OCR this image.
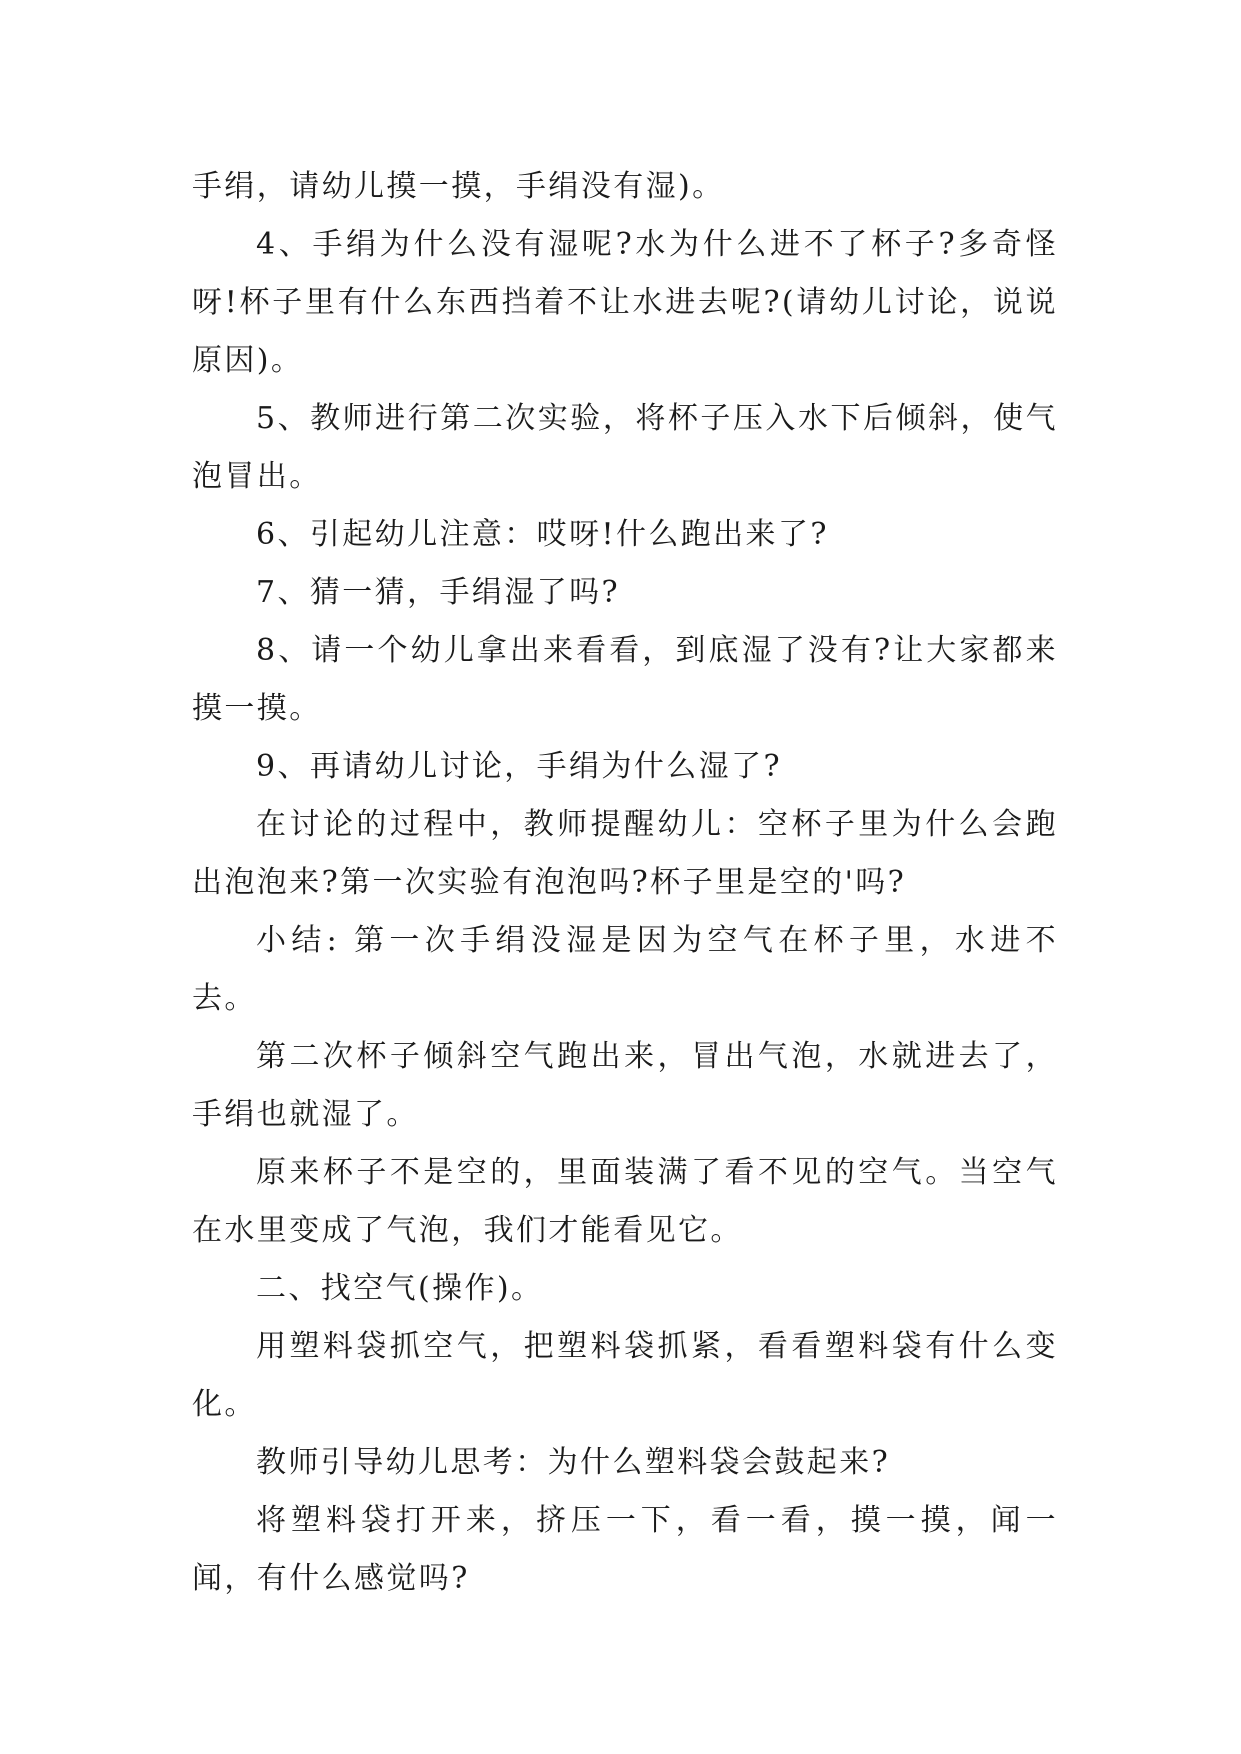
手绢，请幼儿摸一摸，手绢没有湿)。

4、手绢为什么没有湿呢?水为什么进不了杯子?多奇怪呀!杯子里有什么东西挡着不让水进去呢?(请幼儿讨论，说说原因)。

5、教师进行第二次实验，将杯子压入水下后倾斜，使气泡冒出。

6、引起幼儿注意：哎呀!什么跑出来了?

7、猜一猜，手绢湿了吗?

8、请一个幼儿拿出来看看，到底湿了没有?让大家都来摸一摸。

9、再请幼儿讨论，手绢为什么湿了?

在讨论的过程中，教师提醒幼儿：空杯子里为什么会跑出泡泡来?第一次实验有泡泡吗?杯子里是空的'吗?

小结: 第一次手绢没湿是因为空气在杯子里，水进不去。

第二次杯子倾斜空气跑出来，冒出气泡，水就进去了，手绢也就湿了。

原来杯子不是空的，里面装满了看不见的空气。当空气在水里变成了气泡，我们才能看见它。

二、找空气(操作)。

用塑料袋抓空气，把塑料袋抓紧，看看塑料袋有什么变化。

教师引导幼儿思考：为什么塑料袋会鼓起来?

将塑料袋打开来，挤压一下，看一看，摸一摸，闻一闻，有什么感觉吗?
